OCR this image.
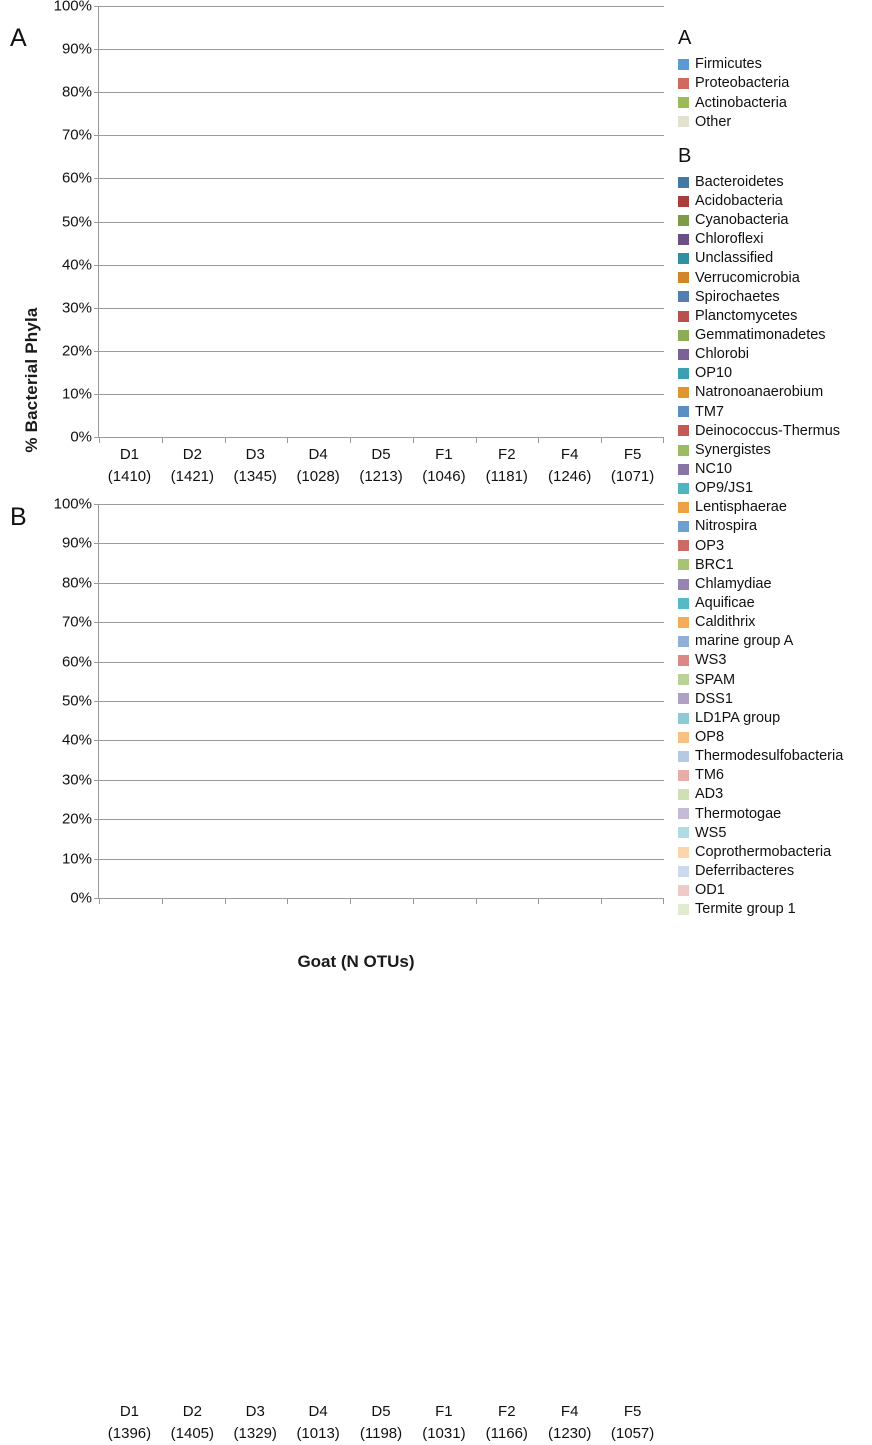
A
B
% Bacterial Phyla 0%
10%
20%
30%
40%
50%
60%
70%
80%
90%
100%
D1
(1410)
D2
(1421)
D3
(1345)
D4
(1028)
D5
(1213)
F1
(1046)
F2
(1181)
F4
(1246)
F5
(1071)
0%
10%
20%
30%
40%
50%
60%
70%
80%
90%
100%
D1
(1396)
D2
(1405)
D3
(1329)
D4
(1013)
D5
(1198)
F1
(1031)
F2
(1166)
F4
(1230)
F5
(1057)
Goat (N OTUs)
A
Firmicutes
Proteobacteria
Actinobacteria
Other
B
Bacteroidetes
Acidobacteria
Cyanobacteria
Chloroflexi
Unclassified
Verrucomicrobia
Spirochaetes
Planctomycetes
Gemmatimonadetes
Chlorobi
OP10
Natronoanaerobium
TM7
Deinococcus-Thermus
Synergistes
NC10
OP9/JS1
Lentisphaerae
Nitrospira
OP3
BRC1
Chlamydiae
Aquificae
Caldithrix
marine group A
WS3
SPAM
DSS1
LD1PA group
OP8
Thermodesulfobacteria
TM6
AD3
Thermotogae
WS5
Coprothermobacteria
Deferribacteres
OD1
Termite group 1
